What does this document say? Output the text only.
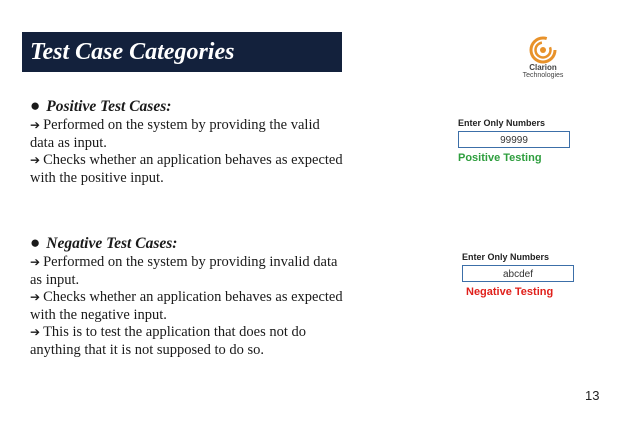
Test Case Categories
Clarion
Technologies
● Positive Test Cases:
➔ Performed on the system by providing the valid
data as input.
➔ Checks whether an application behaves as expected
with the positive input.
Enter Only Numbers
99999
Positive Testing
● Negative Test Cases:
➔ Performed on the system by providing invalid data
as input.
➔ Checks whether an application behaves as expected
with the negative input.
➔ This is to test the application that does not do
anything that it is not supposed to do so.
Enter Only Numbers
abcdef
Negative Testing
13
